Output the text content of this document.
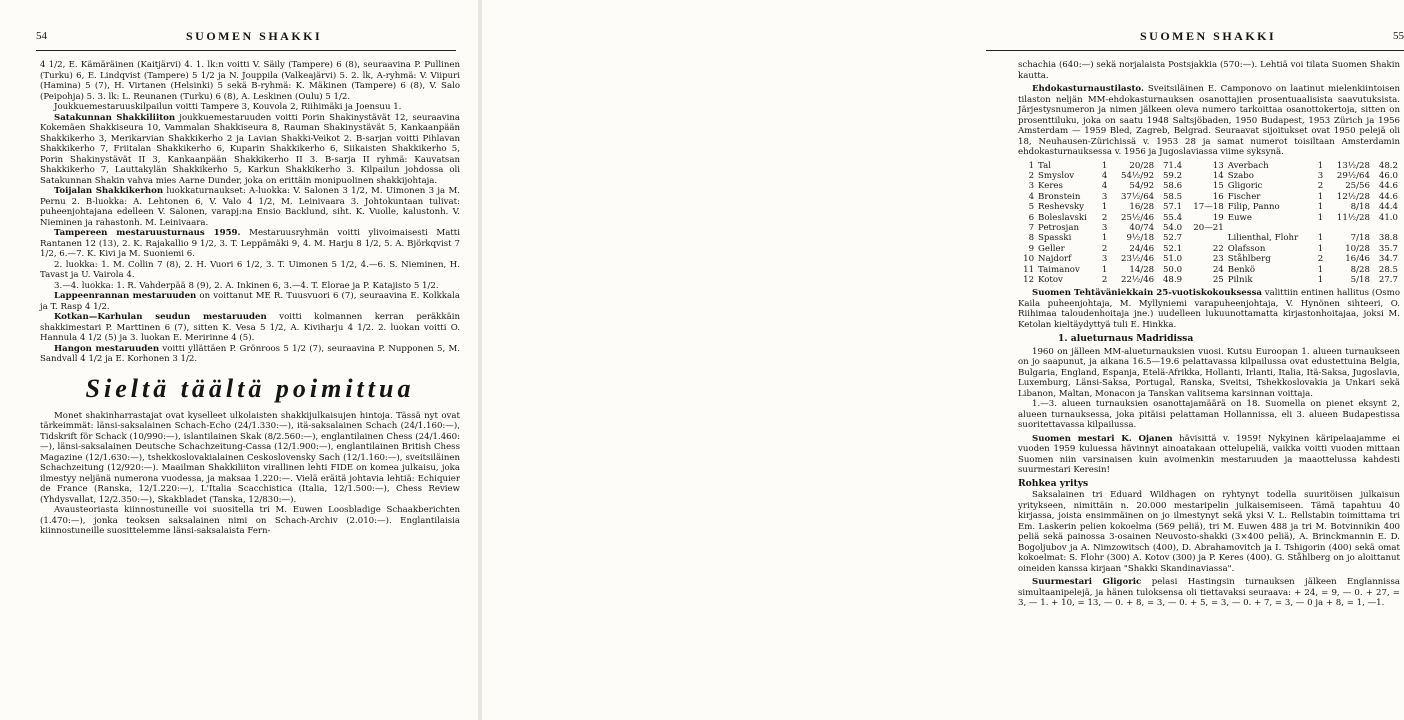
54	SUOMEN SHAKKI

4 1/2, E. Kämäräinen (Kaitjärvi) 4. 1. lk:n voitti V. Säily (Tampere) 6 (8), seuraavina P. Pullinen (Turku) 6, E. Lindqvist (Tampere) 5 1/2 ja N. Jouppila (Valkeajärvi) 5. 2. lk, A-ryhmä: V. Viipuri (Hamina) 5 (7), H. Virtanen (Helsinki) 5 sekä B-ryhmä: K. Mäkinen (Tampere) 6 (8), V. Salo (Peipohja) 5. 3. lk: L. Reunanen (Turku) 6 (8), A. Leskinen (Oulu) 5 1/2.

Joukkuemestaruuskilpailun voitti Tampere 3, Kouvola 2, Riihimäki ja Joensuu 1.

Satakunnan Shakkiliiton joukkuemestaruuden voitti Porin Shakinystävät 12, seuraavina Kokemäen Shakkiseura 10, Vammalan Shakkiseura 8, Rauman Shakinystävät 5, Kankaanpään Shakkikerho 3, Merikarvian Shakkikerho 2 ja Lavian Shakki-Veikot 2. B-sarjan voitti Pihlavan Shakkikerho 7, Friitalan Shakkikerho 6, Kuparin Shakkikerho 6, Siikaisten Shakkikerho 5, Porin Shakinystävät II 3, Kankaanpään Shakkikerho II 3. B-sarja II ryhmä: Kauvatsan Shakkikerho 7, Lauttakylän Shakkikerho 5, Karkun Shakkikerho 3. Kilpailun johdossa oli Satakunnan Shakin vahva mies Aarne Dunder, joka on erittäin monipuolinen shakkijohtaja.

Toijalan Shakkikerhon luokkaturnaukset: A-luokka: V. Salonen 3 1/2, M. Uimonen 3 ja M. Pernu 2. B-luokka: A. Lehtonen 6, V. Valo 4 1/2, M. Leinivaara 3. Johtokuntaan tulivat: puheenjohtajana edelleen V. Salonen, varapj:na Ensio Backlund, siht. K. Vuolle, kalustonh. V. Nieminen ja rahastonh. M. Leinivaara.

Tampereen mestaruusturnaus 1959. Mestaruusryhmän voitti ylivoimaisesti Matti Rantanen 12 (13), 2. K. Rajakallio 9 1/2, 3. T. Leppämäki 9, 4. M. Harju 8 1/2, 5. A. Björkqvist 7 1/2, 6.—7. K. Kivi ja M. Suoniemi 6.

2. luokka: 1. M. Collin 7 (8), 2. H. Vuori 6 1/2, 3. T. Uimonen 5 1/2, 4.—6. S. Nieminen, H. Tavast ja U. Vairola 4.

3.—4. luokka: 1. R. Vahderpää 8 (9), 2. A. Inkinen 6, 3.—4. T. Elorae ja P. Katajisto 5 1/2.

Lappeenrannan mestaruuden on voittanut ME R. Tuusvuori 6 (7), seuraavina E. Kolkkala ja T. Rasp 4 1/2.

Kotkan—Karhulan seudun mestaruuden voitti kolmannen kerran peräkkäin shakkimestari P. Marttinen 6 (7), sitten K. Vesa 5 1/2, A. Kiviharju 4 1/2. 2. luokan voitti O. Hannula 4 1/2 (5) ja 3. luokan E. Meririnne 4 (5).

Hangon mestaruuden voitti yllättäen P. Grönroos 5 1/2 (7), seuraavina P. Nupponen 5, M. Sandvall 4 1/2 ja E. Korhonen 3 1/2.

Sieltä täältä poimittua

Monet shakinharrastajat ovat kyselleet ulkolaisten shakkijulkaisujen hintoja. Tässä nyt ovat tärkeimmät: länsi-saksalainen Schach-Echo (24/1.330:—), itä-saksalainen Schach (24/1.160:—), Tidskrift för Schack (10/990:—), islantilainen Skak (8/2.560:—), englantilainen Chess (24/1.460:—), länsi-saksalainen Deutsche Schachzeitung-Cassa (12/1.900:—), englantilainen British Chess Magazine (12/1.630:—), tshekkoslovakialainen Ceskoslovensky Sach (12/1.160:—), sveitsiläinen Schachzeitung (12/920:—). Maailman Shakkiliiton virallinen lehti FIDE on komea julkaisu, joka ilmestyy neljänä numerona vuodessa, ja maksaa 1.220:—. Vielä eräitä johtavia lehtiä: Echiquier de France (Ranska, 12/1.220:—), L'Italia Scacchistica (Italia, 12/1.500:—), Chess Review (Yhdysvallat, 12/2.350:—), Skakbladet (Tanska, 12/830:—).

Avausteoriasta kiinnostuneille voi suositella tri M. Euwen Loosbladige Schaakberichten (1.470:—), jonka teoksen saksalainen nimi on Schach-Archiv (2.010:—). Englantilaisia kiinnostuneille suosittelemme länsi-saksalaista Fern-

SUOMEN SHAKKI	55

schachia (640:—) sekä norjalaista Postsjakkia (570:—). Lehtiä voi tilata Suomen Shakin kautta.

Ehdokasturnaustilasto. Sveitsiläinen E. Camponovo on laatinut mielenkiintoisen tilaston neljän MM-ehdokasturnauksen osanottajien prosentuaalisista saavutuksista. Järjestysnumeron ja nimen jälkeen oleva numero tarkoittaa osanottokertoja, sitten on prosenttiluku, joka on saatu 1948 Saltsjöbaden, 1950 Budapest, 1953 Zürich ja 1956 Amsterdam — 1959 Bled, Zagreb, Belgrad. Seuraavat sijoitukset ovat 1950 pelejä oli 18, Neuhausen-Zürichissä v. 1953 28 ja samat numerot toisiltaan Amsterdamin ehdokasturnauksessa v. 1956 ja Jugoslaviassa viime syksynä.

1	Tal	1	20/28	71.4	13	Averbach	1	13½/28	48.2
2	Smyslov	4	54½/92	59.2	14	Szabo	3	29½/64	46.0
3	Keres	4	54/92	58.6	15	Gligoric	2	25/56	44.6
4	Bronstein	3	37½/64	58.5	16	Fischer	1	12½/28	44.6
5	Reshevsky	1	16/28	57.1	17—18	Filip, Panno	1	8/18	44.4
6	Boleslavski	2	25½/46	55.4	19	Euwe	1	11½/28	41.0
7	Petrosjan	3	40/74	54.0	20—21				
8	Spasski	1	9½/18	52.7		Lilienthal, Flohr	1	7/18	38.8
9	Geller	2	24/46	52.1	22	Olafsson	1	10/28	35.7
10	Najdorf	3	23½/46	51.0	23	Ståhlberg	2	16/46	34.7
11	Taimanov	1	14/28	50.0	24	Benkö	1	8/28	28.5
12	Kotov	2	22½/46	48.9	25	Pilnik	1	5/18	27.7

Suomen Tehtäväniekkain 25-vuotiskokouksessa valittiin entinen hallitus (Osmo Kaila puheenjohtaja, M. Myllyniemi varapuheenjohtaja, V. Hynönen sihteeri, O. Riihimaa taloudenhoitaja jne.) uudelleen lukuunottamatta kirjastonhoitajaa, joksi M. Ketolan kieltäydyttyä tuli E. Hinkka.

1. alueturnaus Madridissa

1960 on jälleen MM-alueturnauksien vuosi. Kutsu Euroopan 1. alueen turnaukseen on jo saapunut, ja aikana 16.5—19.6 pelattavassa kilpailussa ovat edustettuina Belgia, Bulgaria, England, Espanja, Etelä-Afrikka, Hollanti, Irlanti, Italia, Itä-Saksa, Jugoslavia, Luxemburg, Länsi-Saksa, Portugal, Ranska, Sveitsi, Tshekkoslovakia ja Unkari sekä Libanon, Maltan, Monacon ja Tanskan valitsema karsinnan voittaja.

1.—3. alueen turnauksien osanottajamäärä on 18. Suomella on pienet eksynt 2, alueen turnauksessa, joka pitäisi pelattaman Hollannissa, eli 3. alueen Budapestissa suoritettavassa kilpailussa.

Suomen mestari K. Ojanen hävisittä v. 1959! Nykyinen käripelaajamme ei vuoden 1959 kuluessa hävinnyt ainoatakaan ottelupeliä, vaikka voitti vuoden mittaan Suomen niin varsinaisen kuin avoimenkin mestaruuden ja maaottelussa kahdesti suurmestari Keresin!

Rohkea yritys

Saksalainen tri Eduard Wildhagen on ryhtynyt todella suuritöisen julkaisun yritykseen, nimittäin n. 20.000 mestaripelin julkaisemiseen. Tämä tapahtuu 40 kirjassa, joista ensimmäinen on jo ilmestynyt sekä yksi V. L. Rellstabin toimittama tri Em. Laskerin pelien kokoelma (569 peliä), tri M. Euwen 488 ja tri M. Botvinnikin 400 peliä sekä painossa 3-osainen Neuvosto-shakki (3×400 peliä), A. Brinckmannin E. D. Bogoljubov ja A. Nimzowitsch (400), D. Abrahamovitch ja I. Tshigorin (400) sekä omat kokoelmat: S. Flohr (300) A. Kotov (300) ja P. Keres (400). G. Ståhlberg on jo aloittanut oineiden kanssa kirjaan "Shakki Skandinaviassa".

Suurmestari Gligoric pelasi Hastingsin turnauksen jälkeen Englannissa simultaanipelejä, ja hänen tuloksensa oli tiettavaksi seuraava: + 24, = 9, — 0. + 27, = 3, — 1. + 10, = 13, — 0. + 8, = 3, — 0. + 5, = 3, — 0. + 7, = 3, — 0 ja + 8, = 1, —1.
